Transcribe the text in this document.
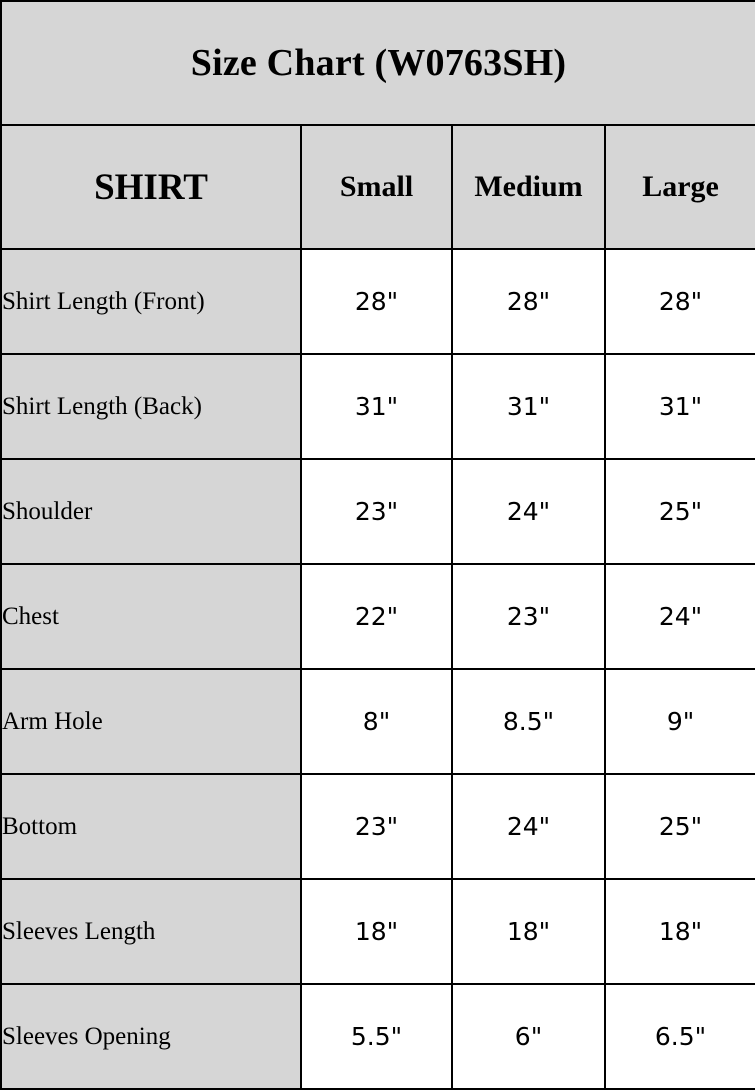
Size Chart (W0763SH)			
SHIRT	Small	Medium	Large
Shirt Length (Front)	28"	28"	28"
Shirt Length (Back)	31"	31"	31"
Shoulder	23"	24"	25"
Chest	22"	23"	24"
Arm Hole	8"	8.5"	9"
Bottom	23"	24"	25"
Sleeves Length	18"	18"	18"
Sleeves Opening	5.5"	6"	6.5"
